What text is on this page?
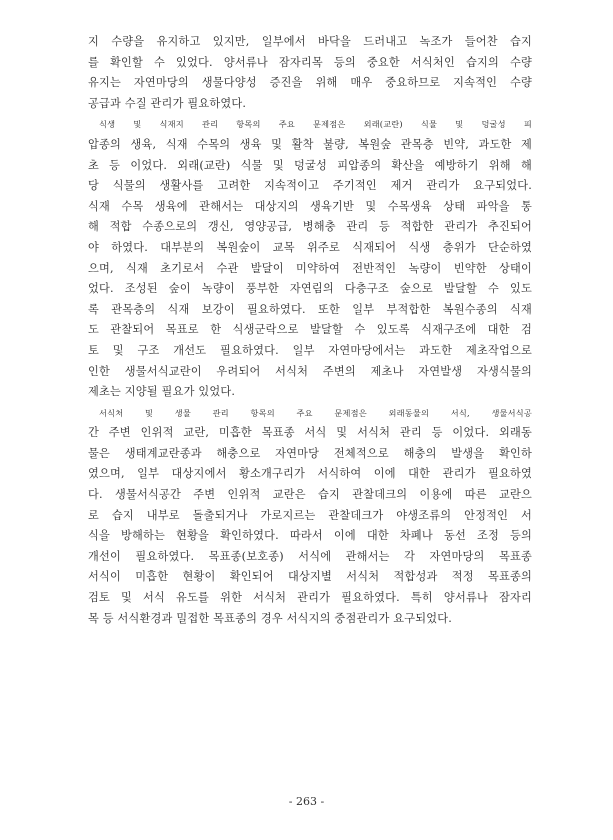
지 수량을 유지하고 있지만, 일부에서 바닥을 드러내고 녹조가 들어찬 습지
를 확인할 수 있었다. 양서류나 잠자리목 등의 중요한 서식처인 습지의 수량
유지는 자연마당의 생물다양성 증진을 위해 매우 중요하므로 지속적인 수량
공급과 수질 관리가 필요하였다.

식생 및 식재지 관리 항목의 주요 문제점은 외래(교란) 식물 및 덩굴성 피
압종의 생육, 식재 수목의 생육 및 활착 불량, 복원숲 관목층 빈약, 과도한 제
초 등 이었다. 외래(교란) 식물 및 덩굴성 피압종의 확산을 예방하기 위해 해
당 식물의 생활사를 고려한 지속적이고 주기적인 제거 관리가 요구되었다.
식재 수목 생육에 관해서는 대상지의 생육기반 및 수목생육 상태 파악을 통
해 적합 수종으로의 갱신, 영양공급, 병해충 관리 등 적합한 관리가 추진되어
야 하였다. 대부분의 복원숲이 교목 위주로 식재되어 식생 층위가 단순하였
으며, 식재 초기로서 수관 발달이 미약하여 전반적인 녹량이 빈약한 상태이
었다. 조성된 숲이 녹량이 풍부한 자연림의 다층구조 숲으로 발달할 수 있도
록 관목층의 식재 보강이 필요하였다. 또한 일부 부적합한 복원수종의 식재
도 관찰되어 목표로 한 식생군락으로 발달할 수 있도록 식재구조에 대한 검
토 및 구조 개선도 필요하였다. 일부 자연마당에서는 과도한 제초작업으로
인한 생물서식교란이 우려되어 서식처 주변의 제초나 자연발생 자생식물의
제초는 지양될 필요가 있었다.

서식처 및 생물 관리 항목의 주요 문제점은 외래동물의 서식, 생물서식공
간 주변 인위적 교란, 미흡한 목표종 서식 및 서식처 관리 등 이었다. 외래동
물은 생태계교란종과 해충으로 자연마당 전체적으로 해충의 발생을 확인하
였으며, 일부 대상지에서 황소개구리가 서식하여 이에 대한 관리가 필요하였
다. 생물서식공간 주변 인위적 교란은 습지 관찰데크의 이용에 따른 교란으
로 습지 내부로 돌출되거나 가로지르는 관찰데크가 야생조류의 안정적인 서
식을 방해하는 현황을 확인하였다. 따라서 이에 대한 차폐나 동선 조정 등의
개선이 필요하였다. 목표종(보호종) 서식에 관해서는 각 자연마당의 목표종
서식이 미흡한 현황이 확인되어 대상지별 서식처 적합성과 적정 목표종의
검토 및 서식 유도를 위한 서식처 관리가 필요하였다. 특히 양서류나 잠자리
목 등 서식환경과 밀접한 목표종의 경우 서식지의 중점관리가 요구되었다.

- 263 -
